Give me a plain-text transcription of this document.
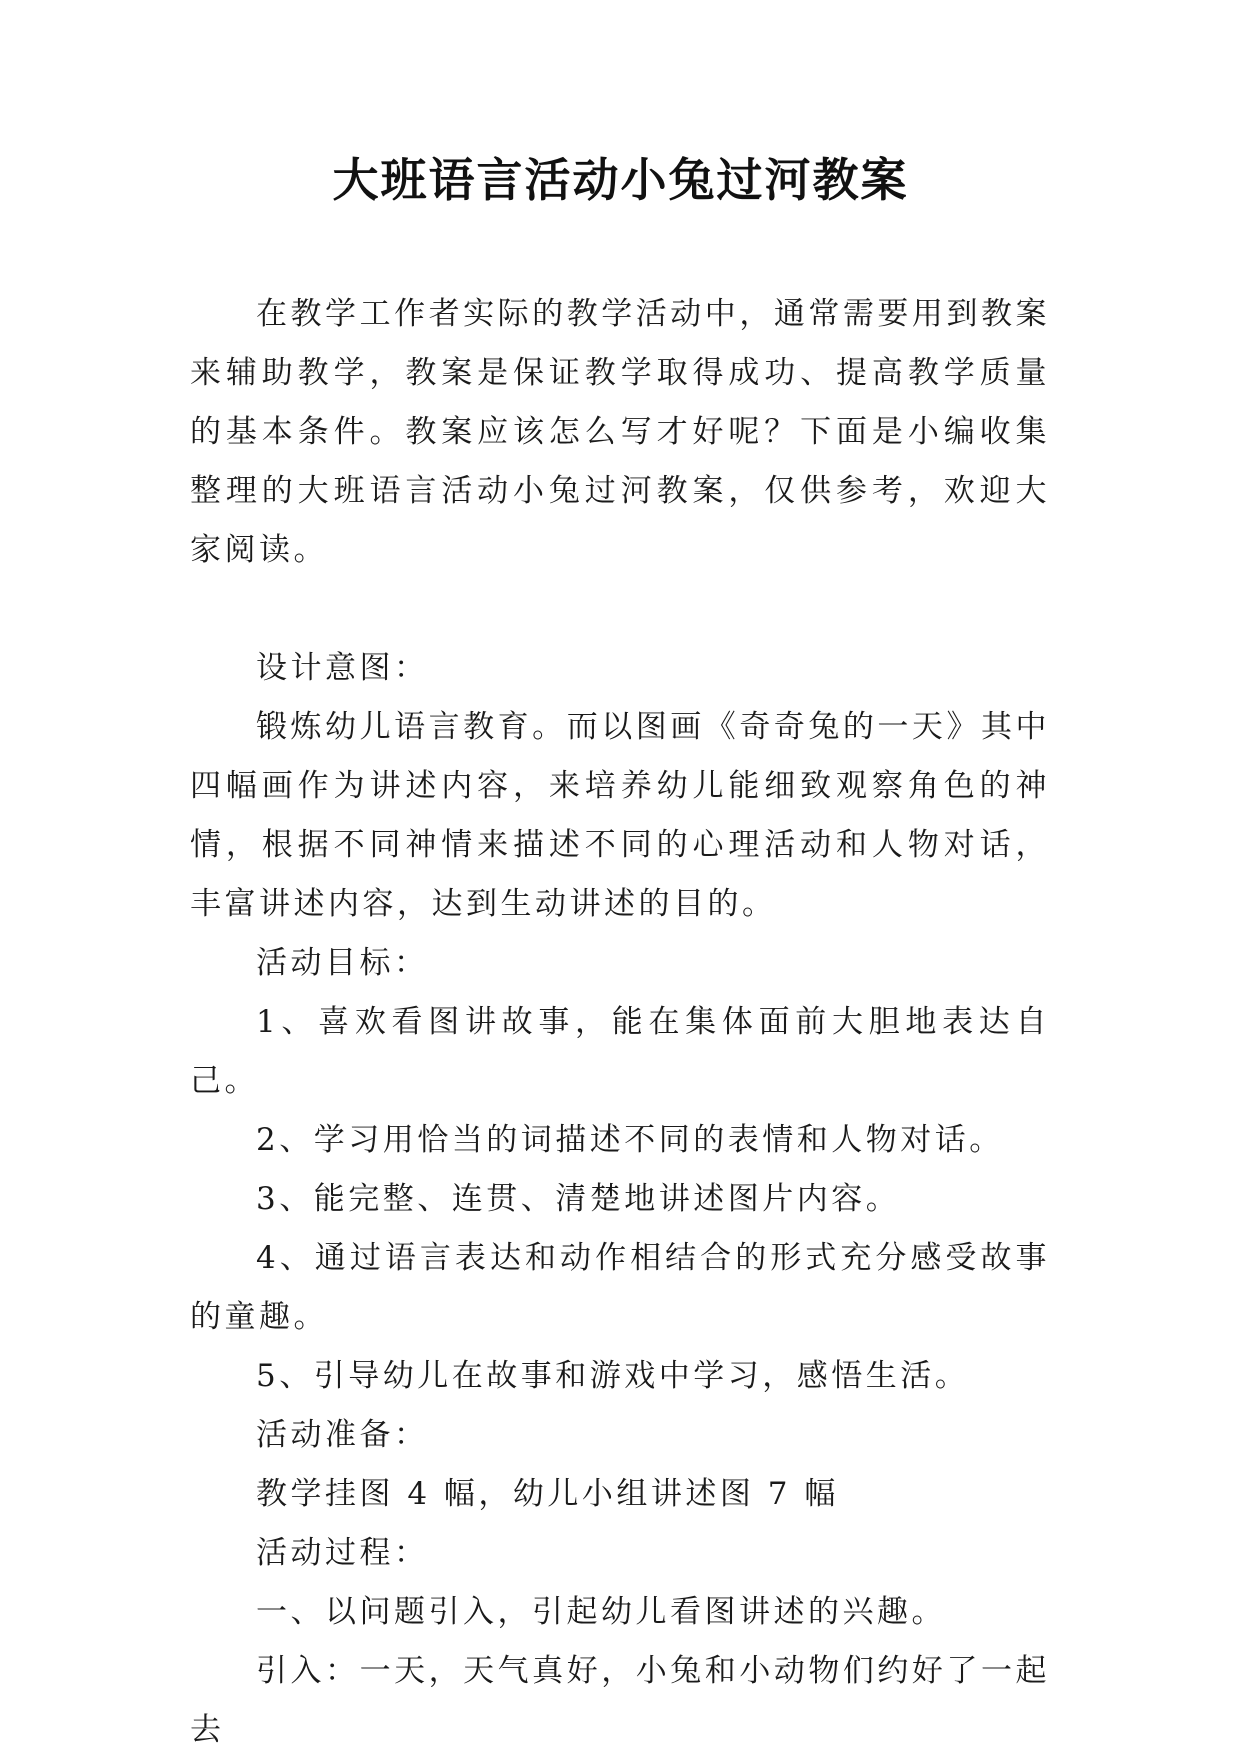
大班语言活动小兔过河教案

在教学工作者实际的教学活动中，通常需要用到教案来辅助教学，教案是保证教学取得成功、提高教学质量的基本条件。教案应该怎么写才好呢？下面是小编收集整理的大班语言活动小兔过河教案，仅供参考，欢迎大家阅读。

设计意图：

锻炼幼儿语言教育。而以图画《奇奇兔的一天》其中四幅画作为讲述内容，来培养幼儿能细致观察角色的神情，根据不同神情来描述不同的心理活动和人物对话，丰富讲述内容，达到生动讲述的目的。

活动目标：

1、喜欢看图讲故事，能在集体面前大胆地表达自己。

2、学习用恰当的词描述不同的表情和人物对话。

3、能完整、连贯、清楚地讲述图片内容。

4、通过语言表达和动作相结合的形式充分感受故事的童趣。

5、引导幼儿在故事和游戏中学习，感悟生活。

活动准备：

教学挂图 4 幅，幼儿小组讲述图 7 幅

活动过程：

一、以问题引入，引起幼儿看图讲述的兴趣。

引入：一天，天气真好，小兔和小动物们约好了一起去
